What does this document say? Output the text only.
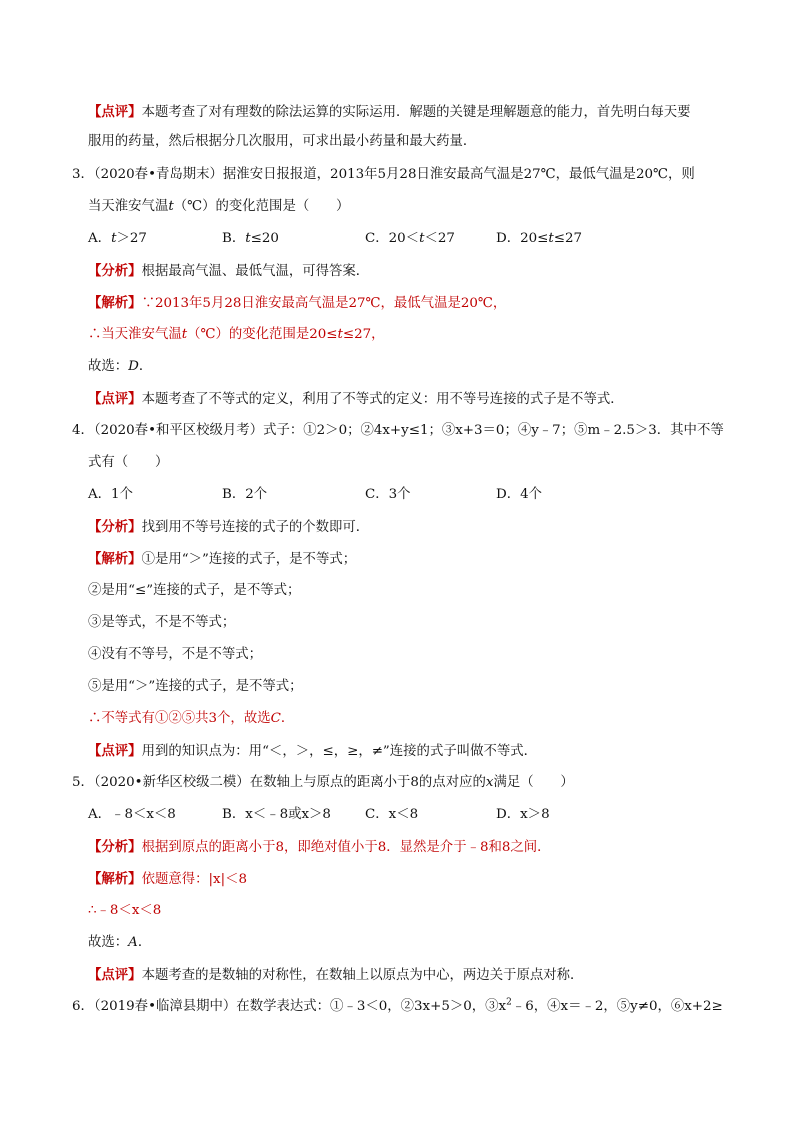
【点评】本题考查了对有理数的除法运算的实际运用．解题的关键是理解题意的能力，首先明白每天要
服用的药量，然后根据分几次服用，可求出最小药量和最大药量．
3．（2020春•青岛期末）据淮安日报报道，2013年5月28日淮安最高气温是27℃，最低气温是20℃，则
当天淮安气温t（℃）的变化范围是（　　）
A．t＞27	B．t≤20	C．20＜t＜27	D．20≤t≤27
【分析】根据最高气温、最低气温，可得答案．
【解析】∵2013年5月28日淮安最高气温是27℃，最低气温是20℃，
∴当天淮安气温t（℃）的变化范围是20≤t≤27，
故选：D．
【点评】本题考查了不等式的定义，利用了不等式的定义：用不等号连接的式子是不等式．
4．（2020春•和平区校级月考）式子：①2＞0；②4x+y≤1；③x+3＝0；④y﹣7；⑤m﹣2.5＞3．其中不等
式有（　　）
A．1个	B．2个	C．3个	D．4个
【分析】找到用不等号连接的式子的个数即可．
【解析】①是用“＞”连接的式子，是不等式；
②是用“≤”连接的式子，是不等式；
③是等式，不是不等式；
④没有不等号，不是不等式；
⑤是用“＞”连接的式子，是不等式；
∴不等式有①②⑤共3个，故选C．
【点评】用到的知识点为：用“＜，＞，≤，≥，≠”连接的式子叫做不等式．
5．（2020•新华区校级二模）在数轴上与原点的距离小于8的点对应的x满足（　　）
A．﹣8＜x＜8	B．x＜﹣8或x＞8	C．x＜8	D．x＞8
【分析】根据到原点的距离小于8，即绝对值小于8．显然是介于﹣8和8之间．
【解析】依题意得：|x|＜8
∴﹣8＜x＜8
故选：A．
【点评】本题考查的是数轴的对称性，在数轴上以原点为中心，两边关于原点对称．
6．（2019春•临漳县期中）在数学表达式：①﹣3＜0，②3x+5＞0，$③x^2﹣6$，④x＝﹣2，⑤y≠0，⑥x+2≥
